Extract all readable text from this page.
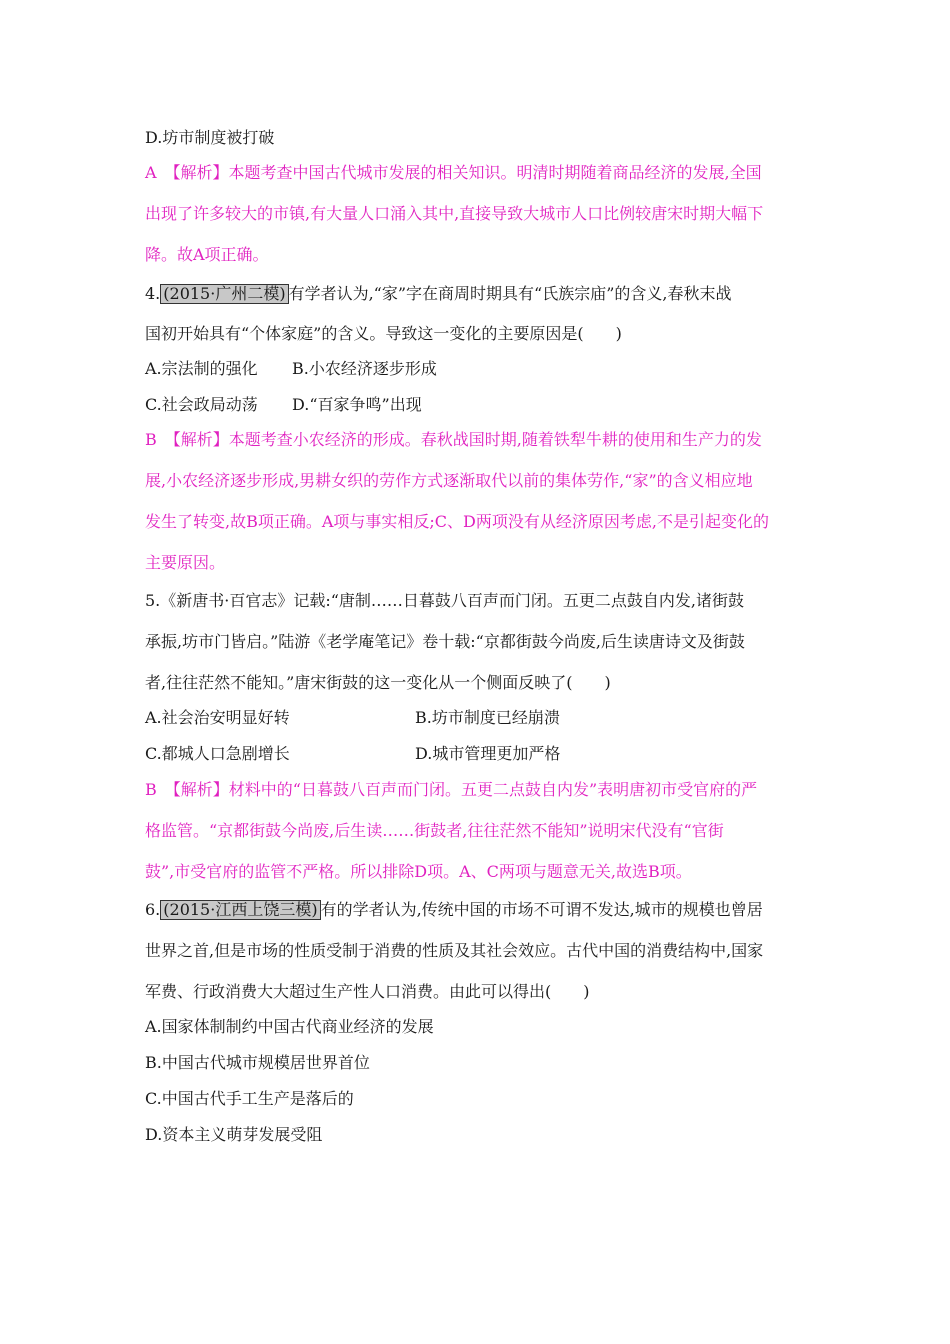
D.坊市制度被打破
A　【解析】本题考查中国古代城市发展的相关知识。明清时期随着商品经济的发展,全国
出现了许多较大的市镇,有大量人口涌入其中,直接导致大城市人口比例较唐宋时期大幅下
降。故A项正确。
4. (2015·广州二模) 有学者认为,“家”字在商周时期具有“氏族宗庙”的含义,春秋末战
国初开始具有“个体家庭”的含义。导致这一变化的主要原因是(　　)
A.宗法制的强化 B.小农经济逐步形成
C.社会政局动荡 D.“百家争鸣”出现
B　【解析】本题考查小农经济的形成。春秋战国时期,随着铁犁牛耕的使用和生产力的发
展,小农经济逐步形成,男耕女织的劳作方式逐渐取代以前的集体劳作,“家”的含义相应地
发生了转变,故B项正确。A项与事实相反;C、D两项没有从经济原因考虑,不是引起变化的
主要原因。
5.《新唐书·百官志》记载:“唐制……日暮鼓八百声而门闭。五更二点鼓自内发,诸街鼓
承振,坊市门皆启。”陆游《老学庵笔记》卷十载:“京都街鼓今尚废,后生读唐诗文及街鼓
者,往往茫然不能知。”唐宋街鼓的这一变化从一个侧面反映了(　　)
A.社会治安明显好转	B.坊市制度已经崩溃
C.都城人口急剧增长	D.城市管理更加严格
B　【解析】材料中的“日暮鼓八百声而门闭。五更二点鼓自内发”表明唐初市受官府的严
格监管。“京都街鼓今尚废,后生读……街鼓者,往往茫然不能知”说明宋代没有“官街
鼓”,市受官府的监管不严格。所以排除D项。A、C两项与题意无关,故选B项。
6. (2015·江西上饶三模) 有的学者认为,传统中国的市场不可谓不发达,城市的规模也曾居
世界之首,但是市场的性质受制于消费的性质及其社会效应。古代中国的消费结构中,国家
军费、行政消费大大超过生产性人口消费。由此可以得出(　　)
A.国家体制制约中国古代商业经济的发展
B.中国古代城市规模居世界首位
C.中国古代手工生产是落后的
D.资本主义萌芽发展受阻
